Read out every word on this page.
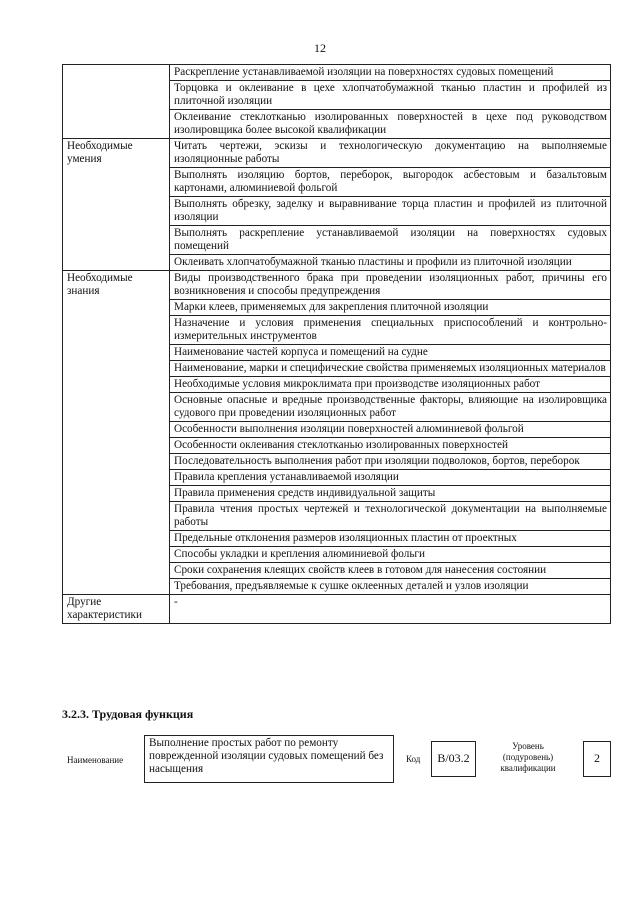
12
	Раскрепление устанавливаемой изоляции на поверхностях судовых помещений
	Торцовка и оклеивание в цехе хлопчатобумажной тканью пластин и профилей из плиточной изоляции
	Оклеивание стеклотканью изолированных поверхностей в цехе под руководством изолировщика более высокой квалификации
Необходимые умения	Читать чертежи, эскизы и технологическую документацию на выполняемые изоляционные работы
	Выполнять изоляцию бортов, переборок, выгородок асбестовым и базальтовым картонами, алюминиевой фольгой
	Выполнять обрезку, заделку и выравнивание торца пластин и профилей из плиточной изоляции
	Выполнять раскрепление устанавливаемой изоляции на поверхностях судовых помещений
	Оклеивать хлопчатобумажной тканью пластины и профили из плиточной изоляции
Необходимые знания	Виды производственного брака при проведении изоляционных работ, причины его возникновения и способы предупреждения
	Марки клеев, применяемых для закрепления плиточной изоляции
	Назначение и условия применения специальных приспособлений и контрольно-измерительных инструментов
	Наименование частей корпуса и помещений на судне
	Наименование, марки и специфические свойства применяемых изоляционных материалов
	Необходимые условия микроклимата при производстве изоляционных работ
	Основные опасные и вредные производственные факторы, влияющие на изолировщика судового при проведении изоляционных работ
	Особенности выполнения изоляции поверхностей алюминиевой фольгой
	Особенности оклеивания стеклотканью изолированных поверхностей
	Последовательность выполнения работ при изоляции подволоков, бортов, переборок
	Правила крепления устанавливаемой изоляции
	Правила применения средств индивидуальной защиты
	Правила чтения простых чертежей и технологической документации на выполняемые работы
	Предельные отклонения размеров изоляционных пластин от проектных
	Способы укладки и крепления алюминиевой фольги
	Сроки сохранения клеящих свойств клеев в готовом для нанесения состоянии
	Требования, предъявляемые к сушке оклеенных деталей и узлов изоляции
Другие характеристики	-
3.2.3. Трудовая функция
Наименование
Выполнение простых работ по ремонту поврежденной изоляции судовых помещений без насыщения
Код	В/03.2
Уровень (подуровень) квалификации
2
